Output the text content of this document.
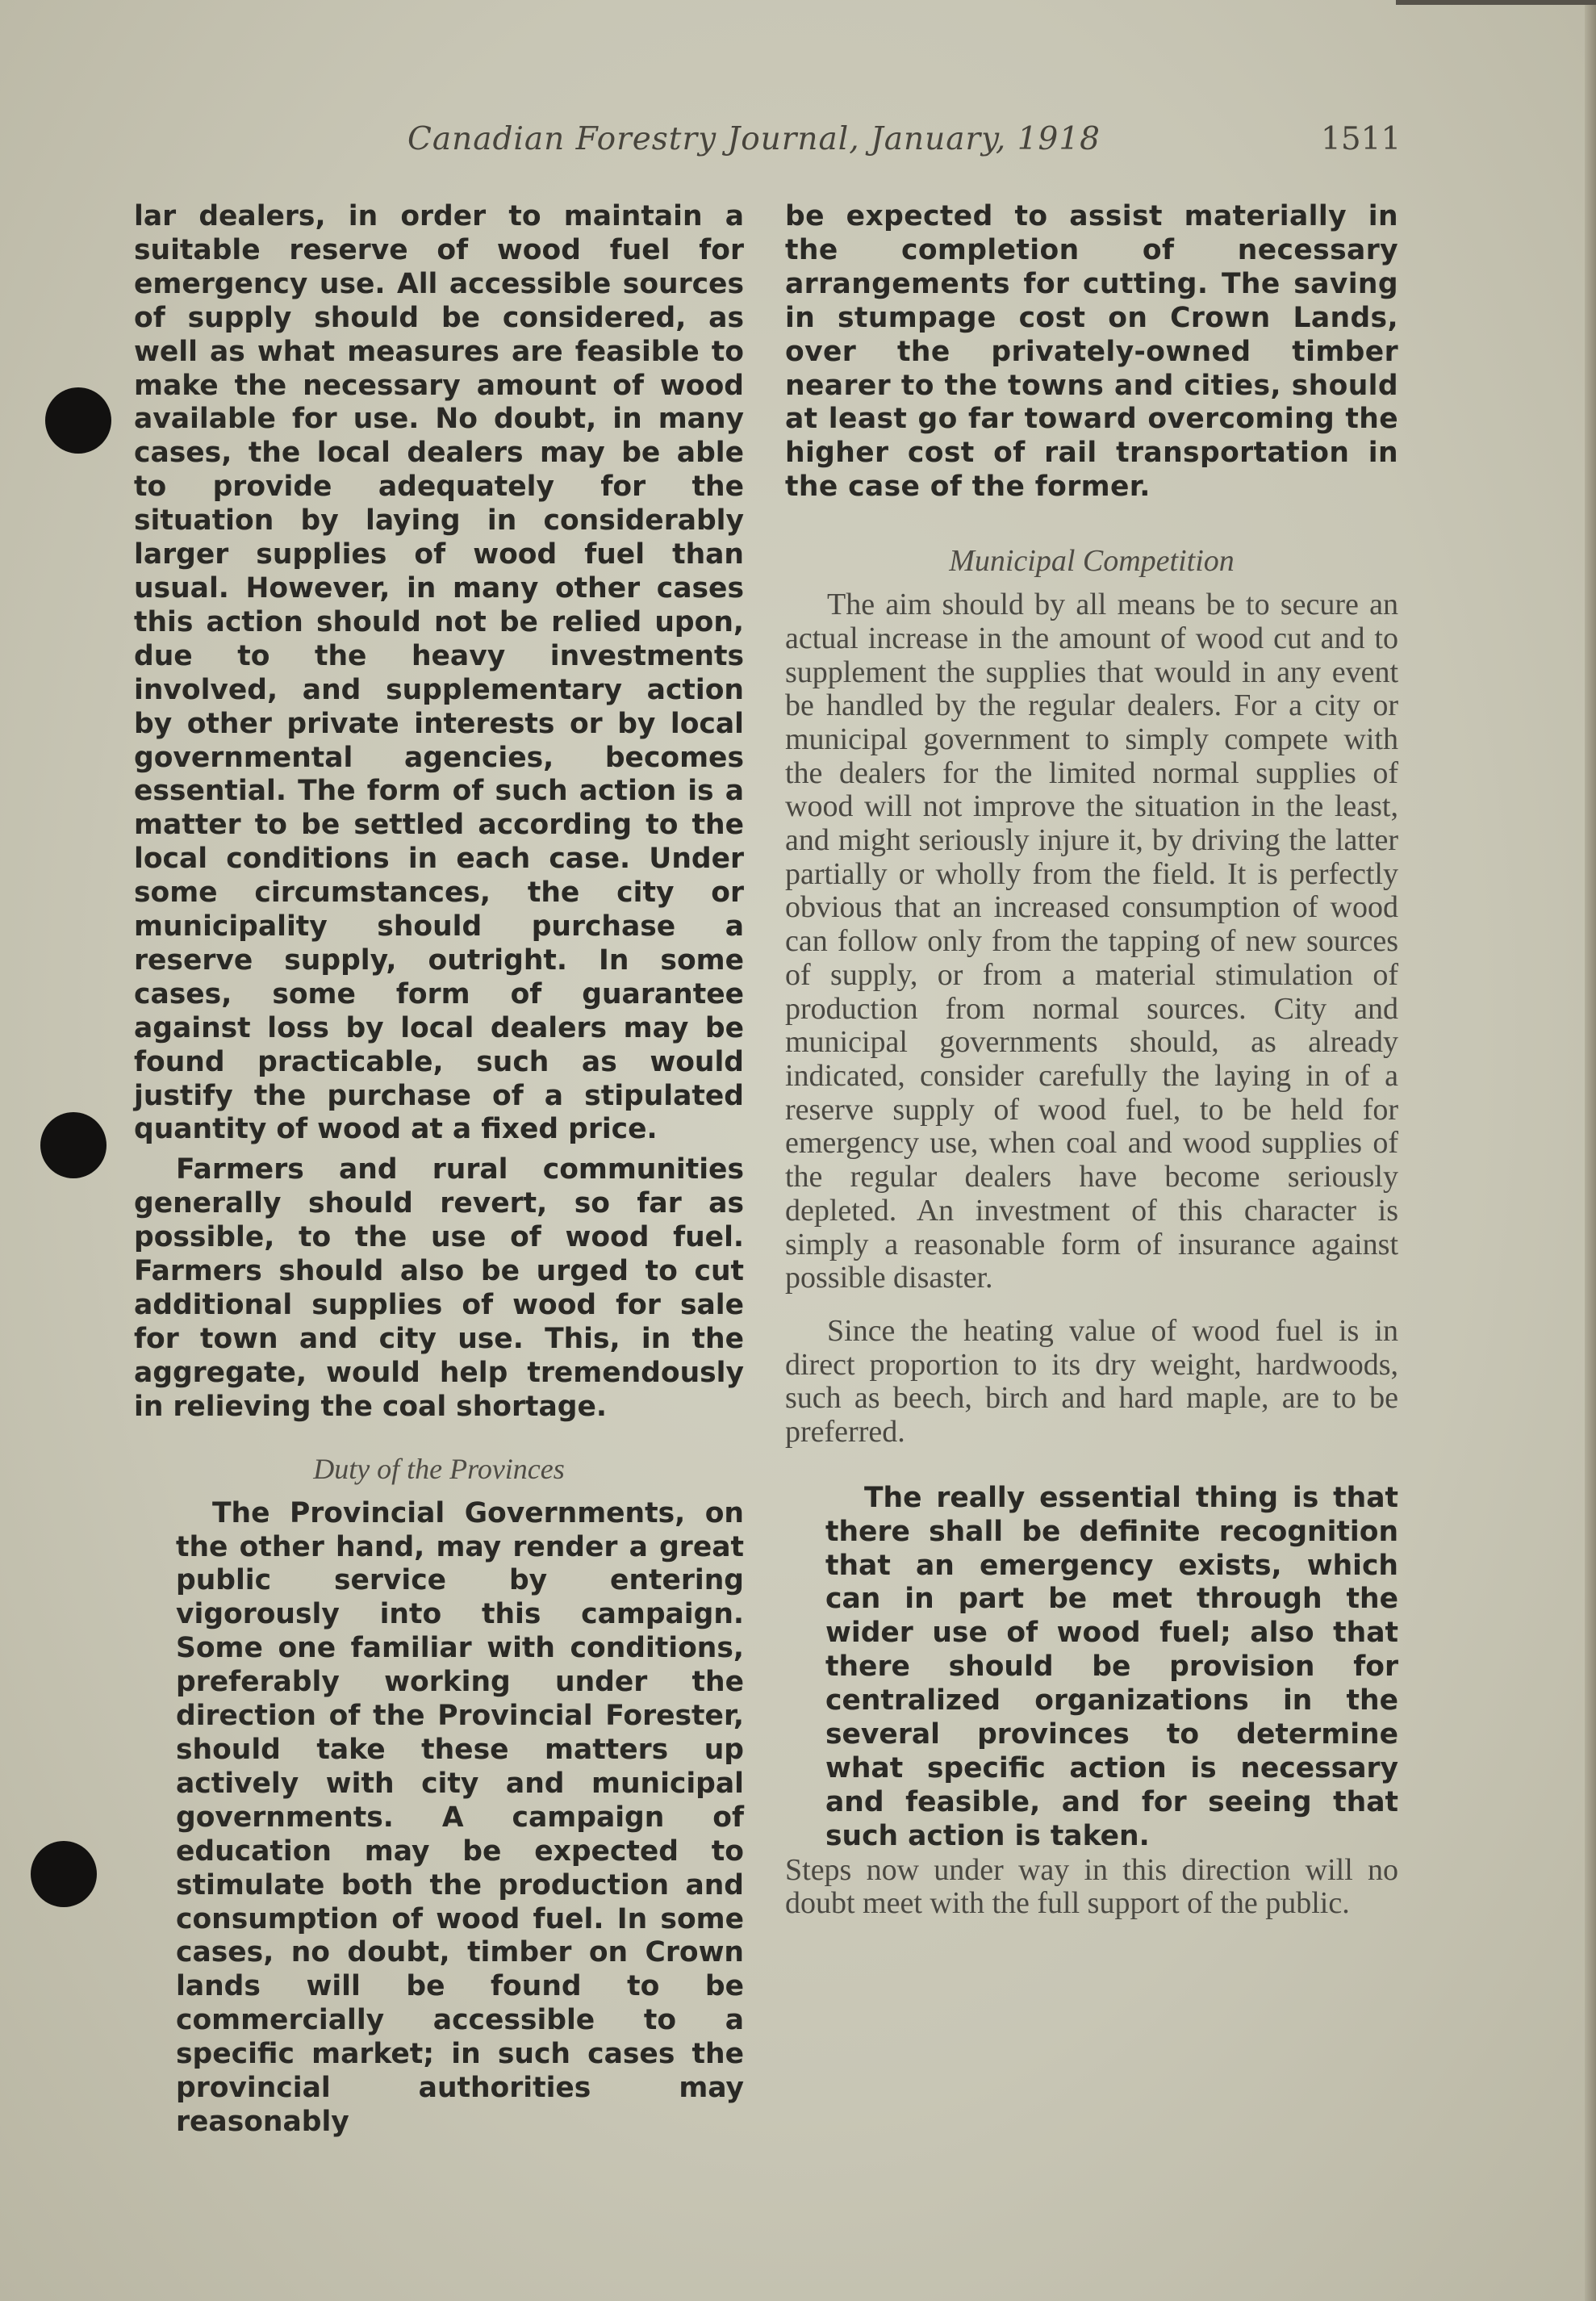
Canadian Forestry Journal, January, 1918	1511

lar dealers, in order to maintain a suitable reserve of wood fuel for emergency use. All accessible sources of supply should be considered, as well as what measures are feasible to make the necessary amount of wood available for use. No doubt, in many cases, the local dealers may be able to provide adequately for the situation by laying in considerably larger supplies of wood fuel than usual. However, in many other cases this action should not be relied upon, due to the heavy investments involved, and supplementary action by other private interests or by local governmental agencies, becomes essential. The form of such action is a matter to be settled according to the local conditions in each case. Under some circumstances, the city or municipality should purchase a reserve supply, outright. In some cases, some form of guarantee against loss by local dealers may be found practicable, such as would justify the purchase of a stipulated quantity of wood at a fixed price.

Farmers and rural communities generally should revert, so far as possible, to the use of wood fuel. Farmers should also be urged to cut additional supplies of wood for sale for town and city use. This, in the aggregate, would help tremendously in relieving the coal shortage.

Duty of the Provinces

The Provincial Governments, on the other hand, may render a great public service by entering vigorously into this campaign. Some one familiar with conditions, preferably working under the direction of the Provincial Forester, should take these matters up actively with city and municipal governments. A campaign of education may be expected to stimulate both the production and consumption of wood fuel. In some cases, no doubt, timber on Crown lands will be found to be commercially accessible to a specific market; in such cases the provincial authorities may reasonably

be expected to assist materially in the completion of necessary arrangements for cutting. The saving in stumpage cost on Crown Lands, over the privately-owned timber nearer to the towns and cities, should at least go far toward overcoming the higher cost of rail transportation in the case of the former.

Municipal Competition

The aim should by all means be to secure an actual increase in the amount of wood cut and to supplement the supplies that would in any event be handled by the regular dealers. For a city or municipal government to simply compete with the dealers for the limited normal supplies of wood will not improve the situation in the least, and might seriously injure it, by driving the latter partially or wholly from the field. It is perfectly obvious that an increased consumption of wood can follow only from the tapping of new sources of supply, or from a material stimulation of production from normal sources. City and municipal governments should, as already indicated, consider carefully the laying in of a reserve supply of wood fuel, to be held for emergency use, when coal and wood supplies of the regular dealers have become seriously depleted. An investment of this character is simply a reasonable form of insurance against possible disaster.

Since the heating value of wood fuel is in direct proportion to its dry weight, hardwoods, such as beech, birch and hard maple, are to be preferred.

The really essential thing is that there shall be definite recognition that an emergency exists, which can in part be met through the wider use of wood fuel; also that there should be provision for centralized organizations in the several provinces to determine what specific action is necessary and feasible, and for seeing that such action is taken.

Steps now under way in this direction will no doubt meet with the full support of the public.
